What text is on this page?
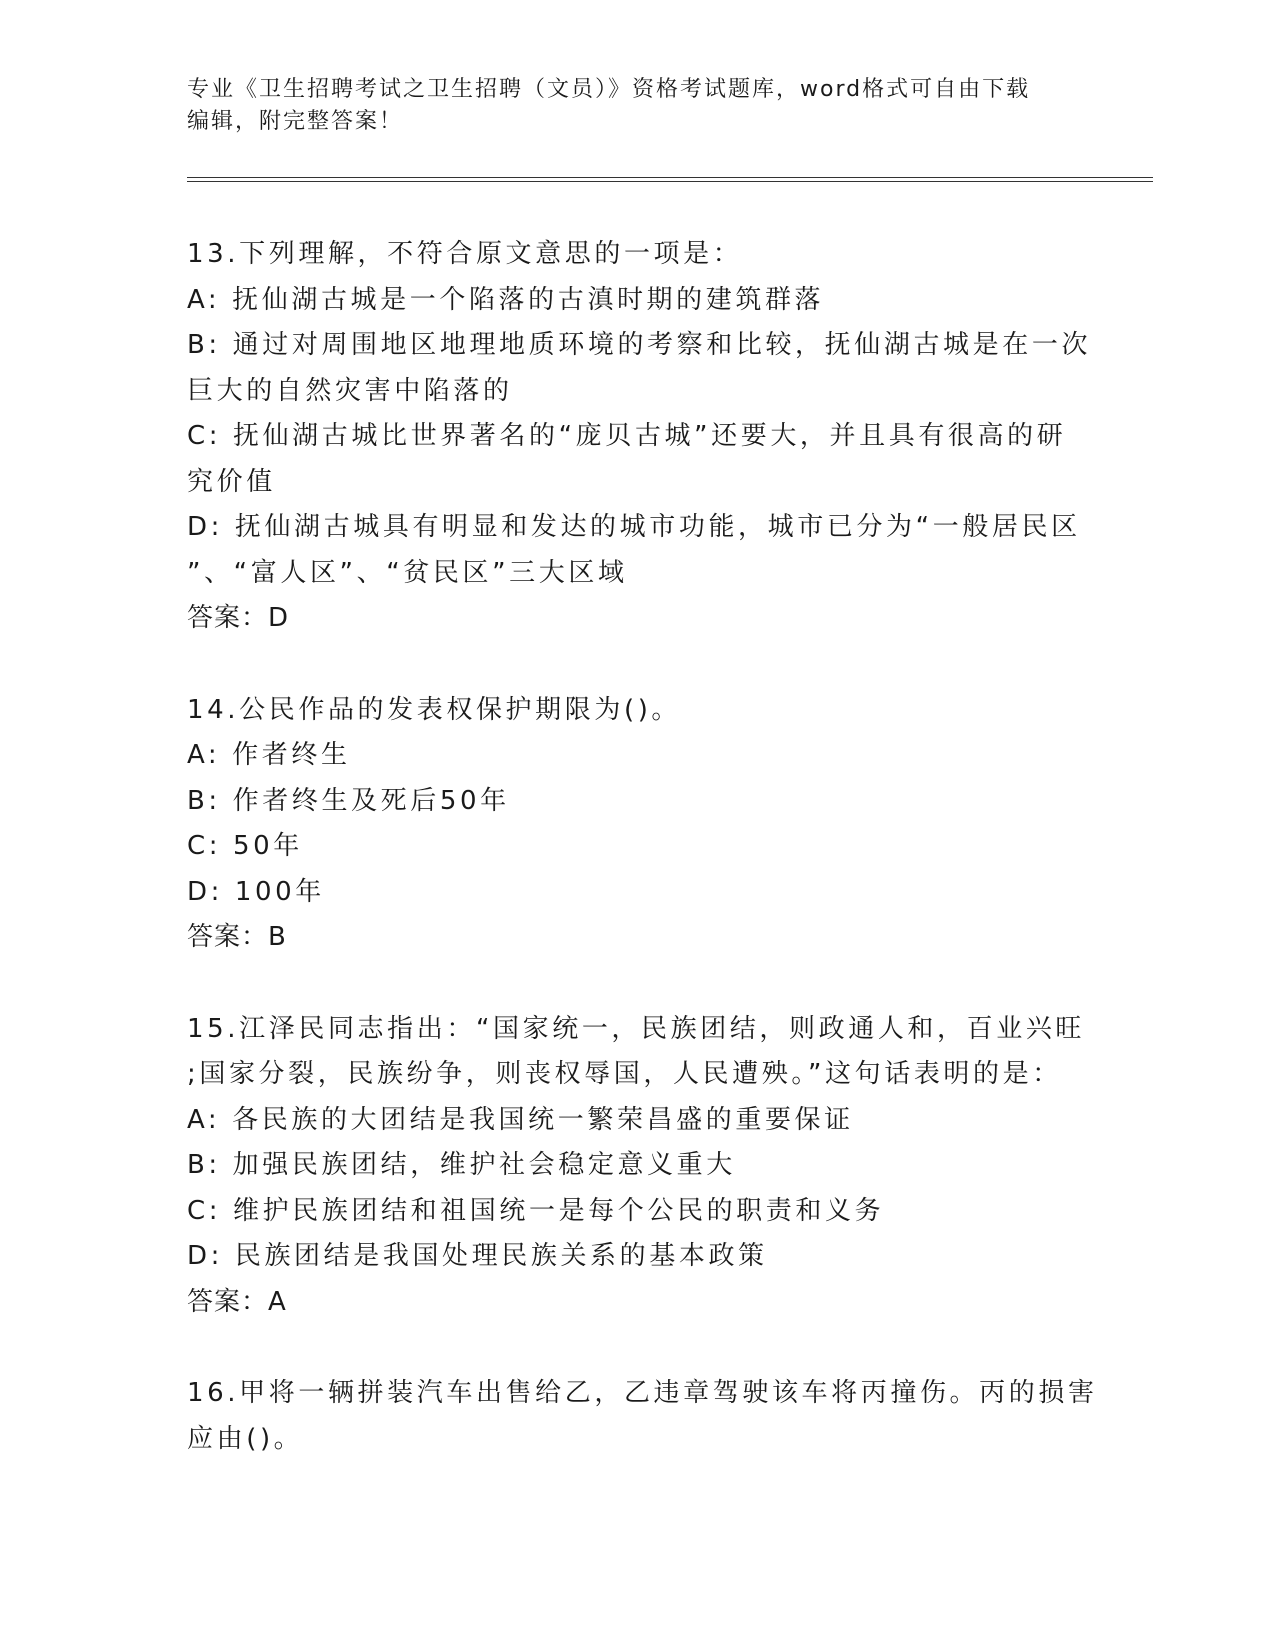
专业《卫生招聘考试之卫生招聘（文员）》资格考试题库，word格式可自由下载
编辑，附完整答案！
13.下列理解，不符合原文意思的一项是：
A: 抚仙湖古城是一个陷落的古滇时期的建筑群落
B: 通过对周围地区地理地质环境的考察和比较，抚仙湖古城是在一次
巨大的自然灾害中陷落的
C: 抚仙湖古城比世界著名的“庞贝古城”还要大，并且具有很高的研
究价值
D: 抚仙湖古城具有明显和发达的城市功能，城市已分为“一般居民区
”、“富人区”、“贫民区”三大区域
答案：D
14.公民作品的发表权保护期限为()。
A: 作者终生
B: 作者终生及死后50年
C: 50年
D: 100年
答案：B
15.江泽民同志指出：“国家统一，民族团结，则政通人和，百业兴旺
;国家分裂，民族纷争，则丧权辱国，人民遭殃。”这句话表明的是：
A: 各民族的大团结是我国统一繁荣昌盛的重要保证
B: 加强民族团结，维护社会稳定意义重大
C: 维护民族团结和祖国统一是每个公民的职责和义务
D: 民族团结是我国处理民族关系的基本政策
答案：A
16.甲将一辆拼装汽车出售给乙，乙违章驾驶该车将丙撞伤。丙的损害
应由()。
